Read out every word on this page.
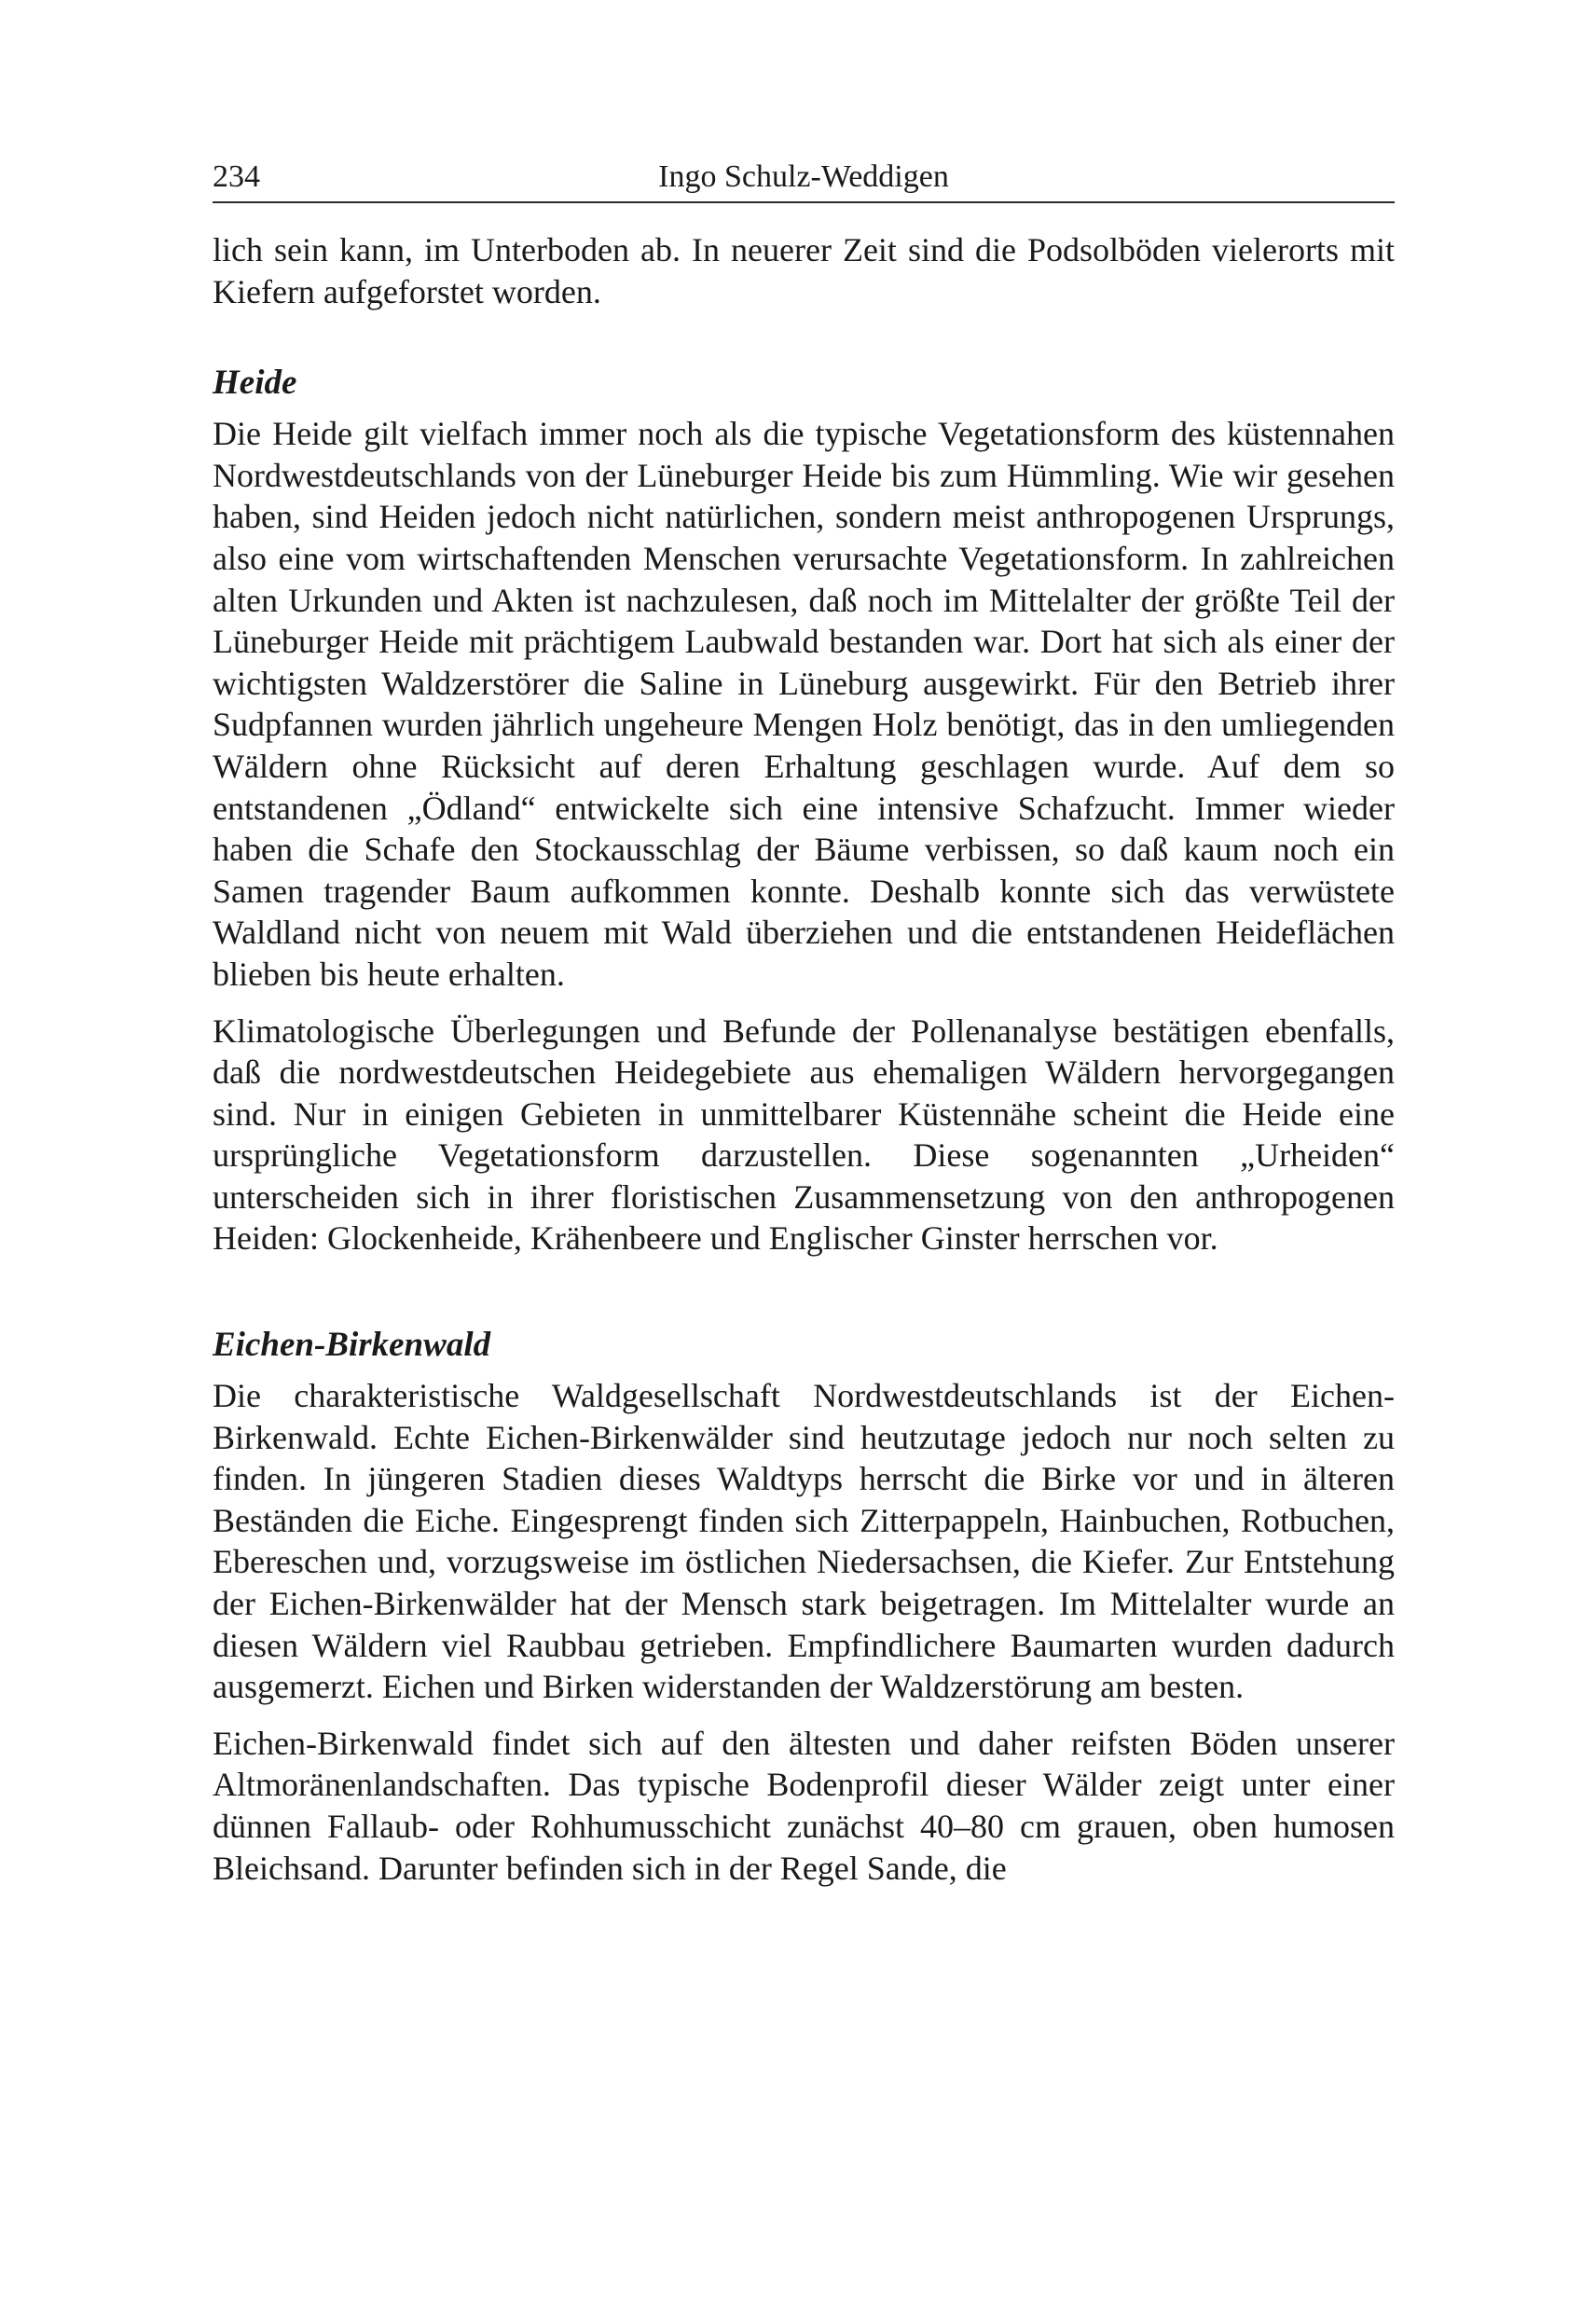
234	Ingo Schulz-Weddigen

lich sein kann, im Unterboden ab. In neuerer Zeit sind die Podsolböden vielerorts mit Kiefern aufgeforstet worden.

Heide

Die Heide gilt vielfach immer noch als die typische Vegetationsform des küstennahen Nordwestdeutschlands von der Lüneburger Heide bis zum Hümmling. Wie wir gesehen haben, sind Heiden jedoch nicht natürlichen, sondern meist anthropogenen Ursprungs, also eine vom wirtschaftenden Menschen verursachte Vegetationsform. In zahlreichen alten Urkunden und Akten ist nachzulesen, daß noch im Mittelalter der größte Teil der Lüneburger Heide mit prächtigem Laubwald bestanden war. Dort hat sich als einer der wichtigsten Waldzerstörer die Saline in Lüneburg ausgewirkt. Für den Betrieb ihrer Sudpfannen wurden jährlich ungeheure Mengen Holz benötigt, das in den umliegenden Wäldern ohne Rücksicht auf deren Erhaltung geschlagen wurde. Auf dem so entstandenen „Ödland“ entwickelte sich eine intensive Schafzucht. Immer wieder haben die Schafe den Stockausschlag der Bäume verbissen, so daß kaum noch ein Samen tragender Baum aufkommen konnte. Deshalb konnte sich das verwüstete Waldland nicht von neuem mit Wald überziehen und die entstandenen Heideflächen blieben bis heute erhalten.

Klimatologische Überlegungen und Befunde der Pollenanalyse bestätigen ebenfalls, daß die nordwestdeutschen Heidegebiete aus ehemaligen Wäldern hervorgegangen sind. Nur in einigen Gebieten in unmittelbarer Küstennähe scheint die Heide eine ursprüngliche Vegetationsform darzustellen. Diese sogenannten „Urheiden“ unterscheiden sich in ihrer floristischen Zusammensetzung von den anthropogenen Heiden: Glockenheide, Krähenbeere und Englischer Ginster herrschen vor.

Eichen-Birkenwald

Die charakteristische Waldgesellschaft Nordwestdeutschlands ist der Eichen-Birkenwald. Echte Eichen-Birkenwälder sind heutzutage jedoch nur noch selten zu finden. In jüngeren Stadien dieses Waldtyps herrscht die Birke vor und in älteren Beständen die Eiche. Eingesprengt finden sich Zitterpappeln, Hainbuchen, Rotbuchen, Ebereschen und, vorzugsweise im östlichen Niedersachsen, die Kiefer. Zur Entstehung der Eichen-Birkenwälder hat der Mensch stark beigetragen. Im Mittelalter wurde an diesen Wäldern viel Raubbau getrieben. Empfindlichere Baumarten wurden dadurch ausgemerzt. Eichen und Birken widerstanden der Waldzerstörung am besten.

Eichen-Birkenwald findet sich auf den ältesten und daher reifsten Böden unserer Altmoränenlandschaften. Das typische Bodenprofil dieser Wälder zeigt unter einer dünnen Fallaub- oder Rohhumusschicht zunächst 40–80 cm grauen, oben humosen Bleichsand. Darunter befinden sich in der Regel Sande, die
